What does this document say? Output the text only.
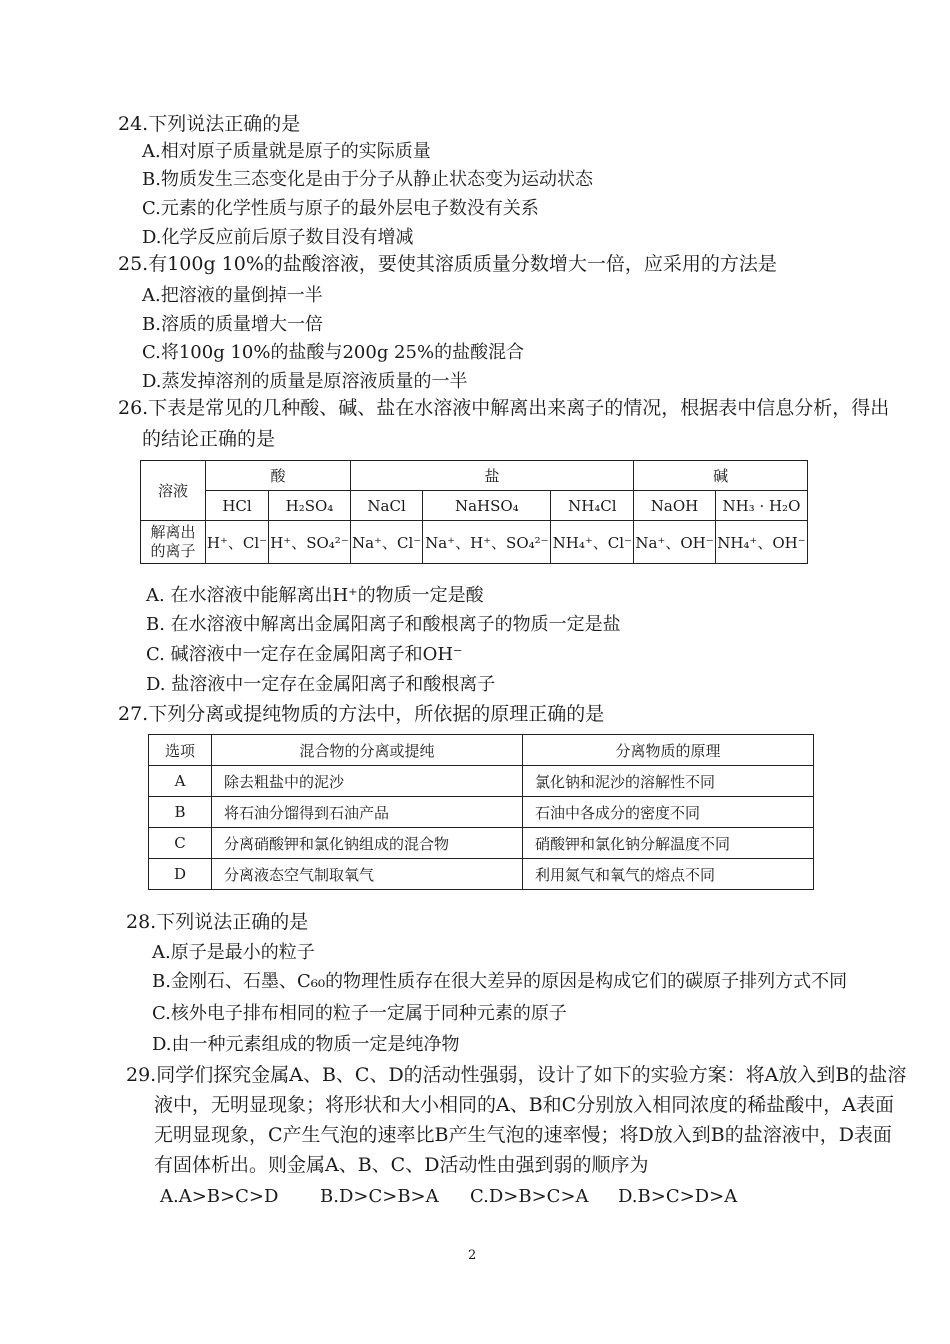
24.下列说法正确的是
A.相对原子质量就是原子的实际质量
B.物质发生三态变化是由于分子从静止状态变为运动状态
C.元素的化学性质与原子的最外层电子数没有关系
D.化学反应前后原子数目没有增减
25.有100g 10%的盐酸溶液，要使其溶质质量分数增大一倍，应采用的方法是
A.把溶液的量倒掉一半
B.溶质的质量增大一倍
C.将100g 10%的盐酸与200g 25%的盐酸混合
D.蒸发掉溶剂的质量是原溶液质量的一半
26.下表是常见的几种酸、碱、盐在水溶液中解离出来离子的情况，根据表中信息分析，得出
的结论正确的是
溶液	酸		盐			碱	
	HCl	H₂SO₄	NaCl	NaHSO₄	NH₄Cl	NaOH	NH₃ · H₂O
解离出的离子	H⁺、Cl⁻	H⁺、SO₄²⁻	Na⁺、Cl⁻	Na⁺、H⁺、SO₄²⁻	NH₄⁺、Cl⁻	Na⁺、OH⁻	NH₄⁺、OH⁻
A. 在水溶液中能解离出H⁺的物质一定是酸
B. 在水溶液中解离出金属阳离子和酸根离子的物质一定是盐
C. 碱溶液中一定存在金属阳离子和OH⁻
D. 盐溶液中一定存在金属阳离子和酸根离子
27.下列分离或提纯物质的方法中，所依据的原理正确的是
选项	混合物的分离或提纯	分离物质的原理
A	除去粗盐中的泥沙	氯化钠和泥沙的溶解性不同
B	将石油分馏得到石油产品	石油中各成分的密度不同
C	分离硝酸钾和氯化钠组成的混合物	硝酸钾和氯化钠分解温度不同
D	分离液态空气制取氧气	利用氮气和氧气的熔点不同
28.下列说法正确的是
A.原子是最小的粒子
B.金刚石、石墨、C₆₀的物理性质存在很大差异的原因是构成它们的碳原子排列方式不同
C.核外电子排布相同的粒子一定属于同种元素的原子
D.由一种元素组成的物质一定是纯净物
29.同学们探究金属A、B、C、D的活动性强弱，设计了如下的实验方案：将A放入到B的盐溶
液中，无明显现象；将形状和大小相同的A、B和C分别放入相同浓度的稀盐酸中，A表面
无明显现象，C产生气泡的速率比B产生气泡的速率慢；将D放入到B的盐溶液中，D表面
有固体析出。则金属A、B、C、D活动性由强到弱的顺序为
A.A>B>C>D B.D>C>B>A C.D>B>C>A D.B>C>D>A
2
